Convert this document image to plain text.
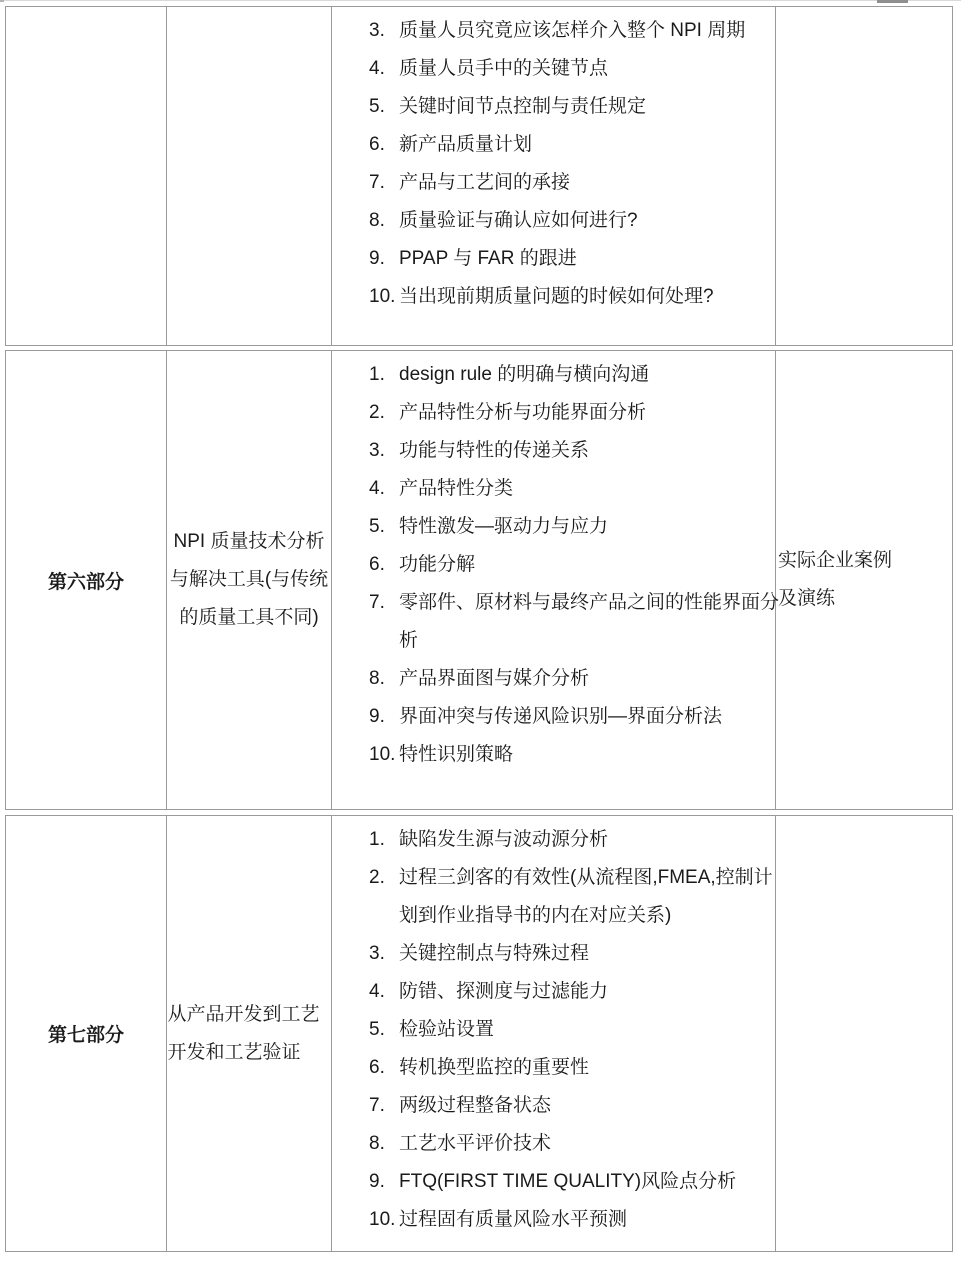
3. 质量人员究竟应该怎样介入整个 NPI 周期
4. 质量人员手中的关键节点
5. 关键时间节点控制与责任规定
6. 新产品质量计划
7. 产品与工艺间的承接
8. 质量验证与确认应如何进行?
9. PPAP 与 FAR 的跟进
10. 当出现前期质量问题的时候如何处理?
第六部分
NPI 质量技术分析与解决工具(与传统的质量工具不同)
1. design rule 的明确与横向沟通
2. 产品特性分析与功能界面分析
3. 功能与特性的传递关系
4. 产品特性分类
5. 特性激发—驱动力与应力
6. 功能分解
7. 零部件、原材料与最终产品之间的性能界面分析
8. 产品界面图与媒介分析
9. 界面冲突与传递风险识别—界面分析法
10. 特性识别策略
实际企业案例及演练
第七部分
从产品开发到工艺开发和工艺验证
1. 缺陷发生源与波动源分析
2. 过程三剑客的有效性(从流程图,FMEA,控制计划到作业指导书的内在对应关系)
3. 关键控制点与特殊过程
4. 防错、探测度与过滤能力
5. 检验站设置
6. 转机换型监控的重要性
7. 两级过程整备状态
8. 工艺水平评价技术
9. FTQ(FIRST TIME QUALITY)风险点分析
10. 过程固有质量风险水平预测
